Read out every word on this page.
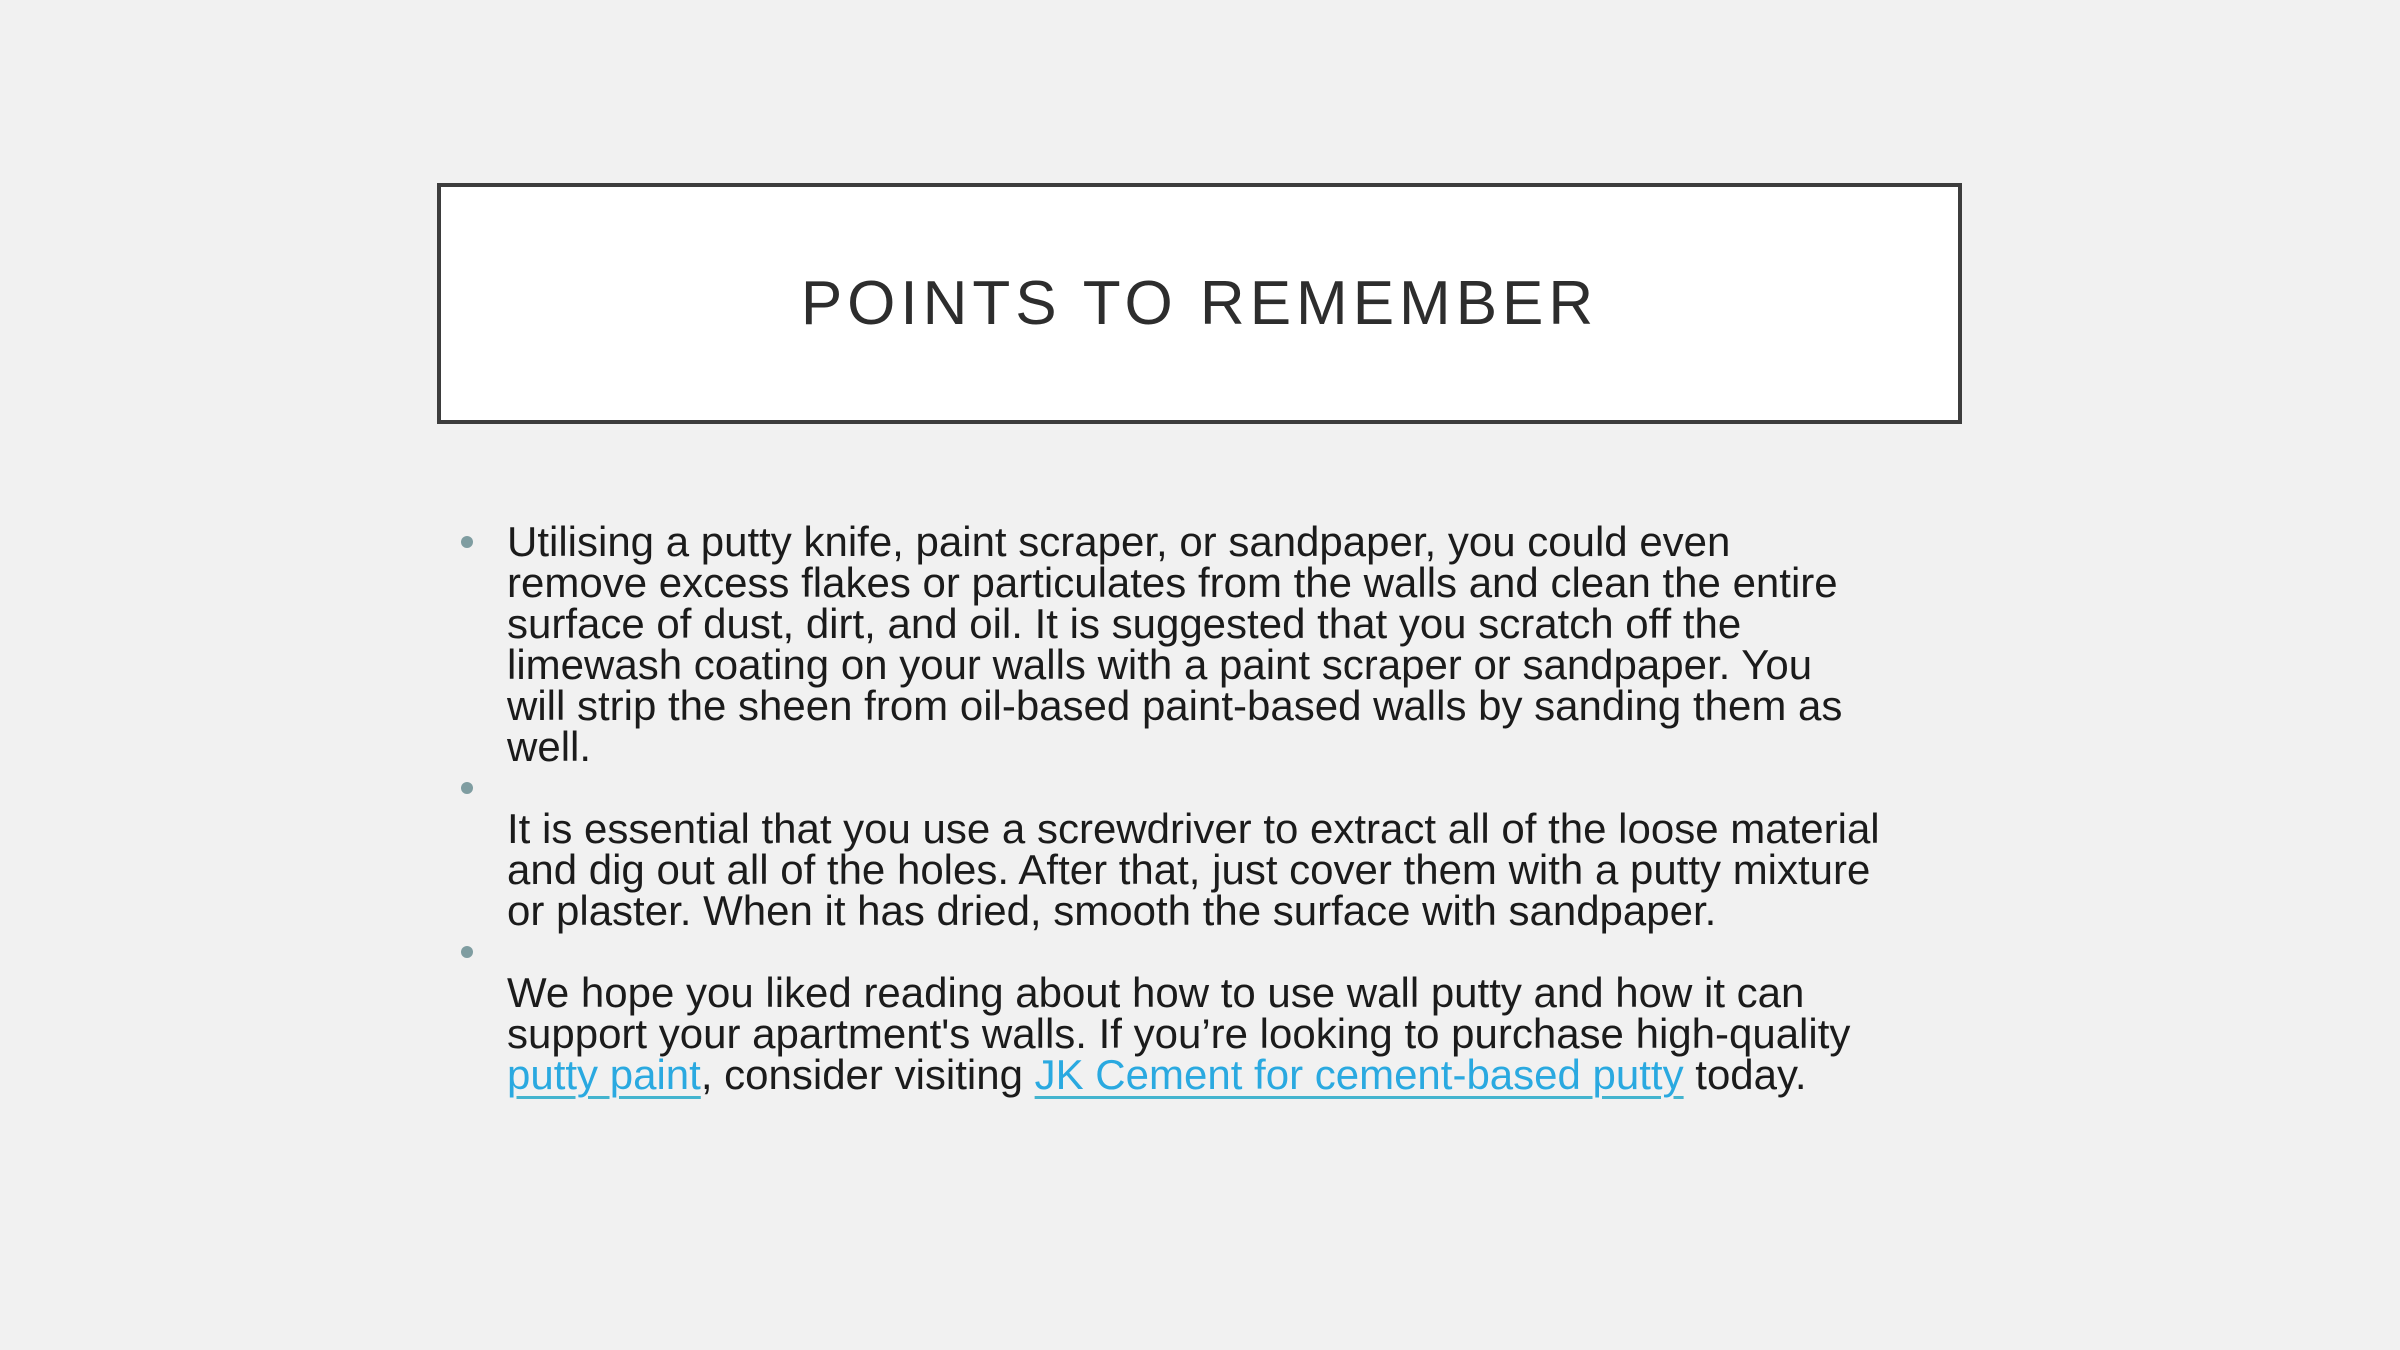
POINTS TO REMEMBER
Utilising a putty knife, paint scraper, or sandpaper, you could even remove excess flakes or particulates from the walls and clean the entire surface of dust, dirt, and oil. It is suggested that you scratch off the limewash coating on your walls with a paint scraper or sandpaper. You will strip the sheen from oil-based paint-based walls by sanding them as well.
It is essential that you use a screwdriver to extract all of the loose material and dig out all of the holes. After that, just cover them with a putty mixture or plaster. When it has dried, smooth the surface with sandpaper.
We hope you liked reading about how to use wall putty and how it can support your apartment's walls. If you’re looking to purchase high-quality putty paint, consider visiting JK Cement for cement-based putty today.
